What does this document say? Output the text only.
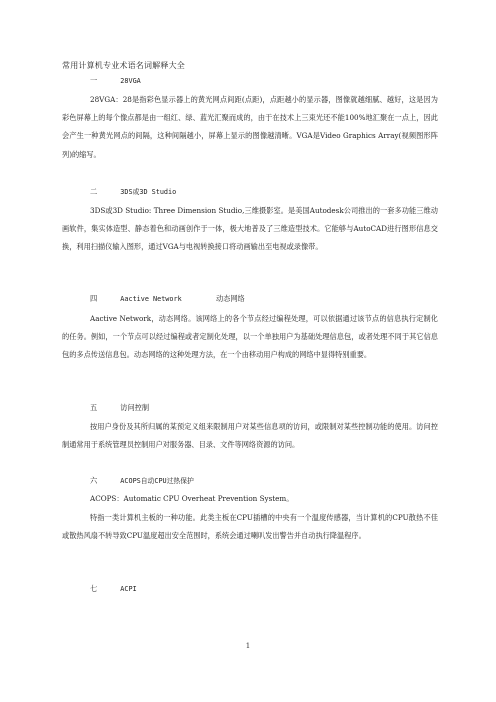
常用计算机专业术语名词解释大全
一	28VGA
28VGA：28是指彩色显示器上的黄光网点间距(点距)，点距越小的显示器，图像就越细腻、越好，这是因为彩色屏幕上的每个像点都是由一组红、绿、蓝光汇聚而成的，由于在技术上三束光还不能100%地汇聚在一点上，因此会产生一种黄光网点的间隔，这种间隔越小，屏幕上显示的图像越清晰。VGA是Video Graphics Array(视频图形阵列)的缩写。
二	3DS或3D Studio
3DS或3D Studio: Three Dimension Studio,三维摄影室。是美国Autodesk公司推出的一套多功能三维动画软件，集实体造型、静态着色和动画创作于一体，极大地普及了三维造型技术。它能够与AutoCAD进行图形信息交换，利用扫描仪输入图形，通过VGA与电视转换接口将动画输出至电视或录像带。
四	Aactive Network	动态网络
Aactive Network，动态网络。该网络上的各个节点经过编程处理，可以依据通过该节点的信息执行定制化的任务。例如，一个节点可以经过编程或者定制化处理，以一个单独用户为基础处理信息包，或者处理不同于其它信息包的多点传送信息包。动态网络的这种处理方法，在一个由移动用户构成的网络中显得特别重要。
五	访问控制
按用户身份及其所归属的某预定义组来限制用户对某些信息项的访问，或限制对某些控制功能的使用。访问控制通常用于系统管理员控制用户对服务器、目录、文件等网络资源的访问。
六	ACOPS自动CPU过热保护
ACOPS：Automatic CPU Overheat Prevention System。
特指一类计算机主板的一种功能。此类主板在CPU插槽的中央有一个温度传感器，当计算机的CPU散热不佳或散热风扇不转导致CPU温度超出安全范围时，系统会通过喇叭发出警告并自动执行降温程序。
七	ACPI
1
